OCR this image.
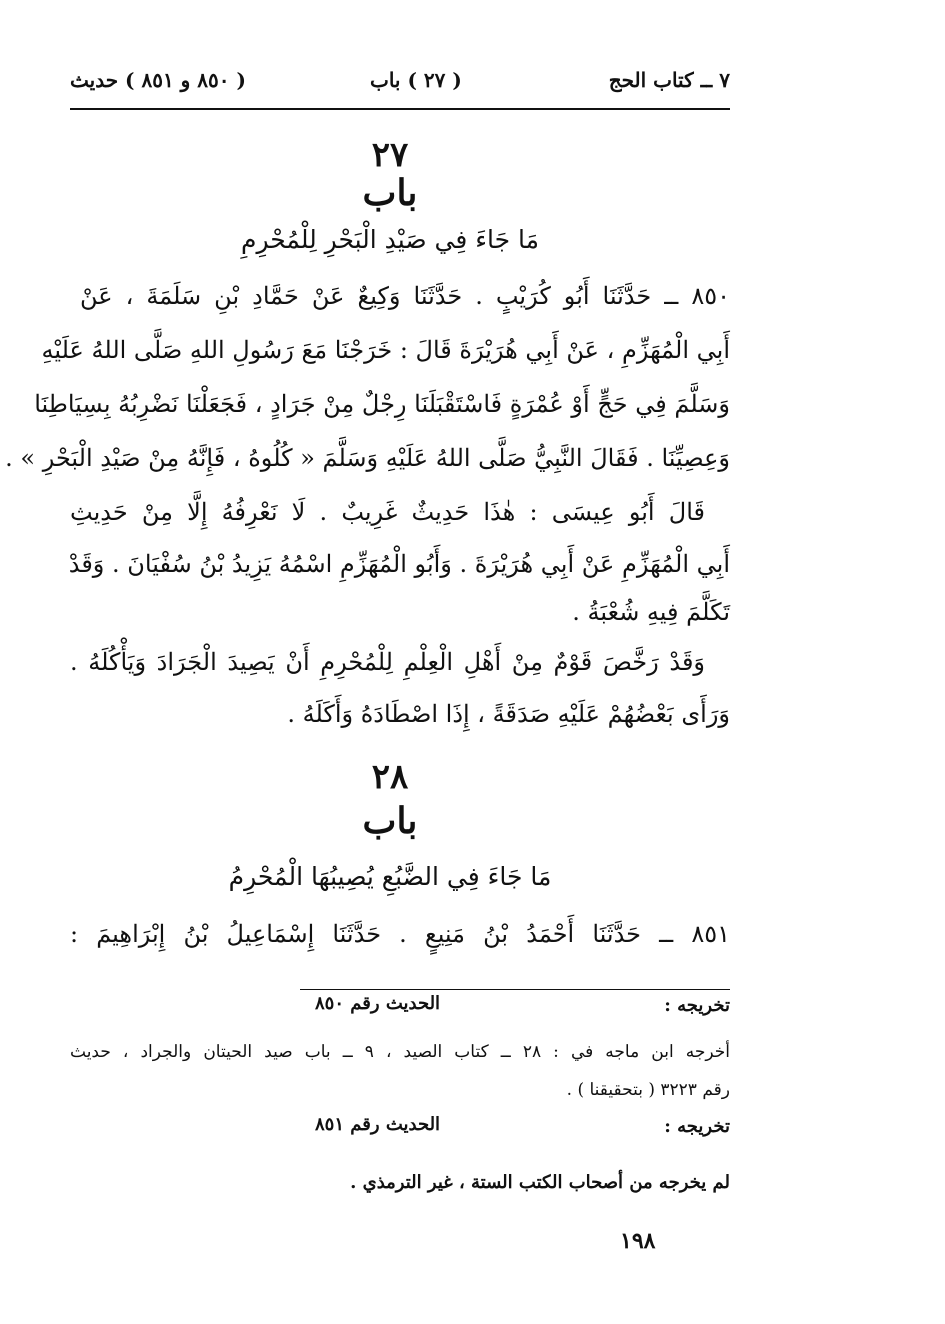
٧ ــ كتاب الحج
( ٢٧ ) باب
( ٨٥٠ و ٨٥١ ) حديث
٢٧
باب
مَا جَاءَ فِي صَيْدِ الْبَحْرِ لِلْمُحْرِمِ
٨٥٠ ــ حَدَّثَنَا أَبُو كُرَيْبٍ . حَدَّثَنَا وَكِيعٌ عَنْ حَمَّادِ بْنِ سَلَمَةَ ، عَنْ
أَبِي الْمُهَزِّمِ ، عَنْ أَبِي هُرَيْرَةَ قَالَ : خَرَجْنَا مَعَ رَسُولِ اللهِ صَلَّى اللهُ عَلَيْهِ
وَسَلَّمَ فِي حَجٍّ أَوْ عُمْرَةٍ فَاسْتَقْبَلَنَا رِجْلٌ مِنْ جَرَادٍ ، فَجَعَلْنَا نَضْرِبُهُ بِسِيَاطِنَا
وَعِصِيِّنَا . فَقَالَ النَّبِيُّ صَلَّى اللهُ عَلَيْهِ وَسَلَّمَ « كُلُوهُ ، فَإِنَّهُ مِنْ صَيْدِ الْبَحْرِ » .
قَالَ أَبُو عِيسَى : هٰذَا حَدِيثٌ غَرِيبٌ . لَا نَعْرِفُهُ إِلَّا مِنْ حَدِيثِ
أَبِي الْمُهَزِّمِ عَنْ أَبِي هُرَيْرَةَ . وَأَبُو الْمُهَزِّمِ اسْمُهُ يَزِيدُ بْنُ سُفْيَانَ . وَقَدْ
تَكَلَّمَ فِيهِ شُعْبَةُ .
وَقَدْ رَخَّصَ قَوْمٌ مِنْ أَهْلِ الْعِلْمِ لِلْمُحْرِمِ أَنْ يَصِيدَ الْجَرَادَ وَيَأْكُلَهُ .
وَرَأَى بَعْضُهُمْ عَلَيْهِ صَدَقَةً ، إِذَا اصْطَادَهُ وَأَكَلَهُ .
٢٨
باب
مَا جَاءَ فِي الضَّبُعِ يُصِيبُهَا الْمُحْرِمُ
٨٥١ ــ حَدَّثَنَا أَحْمَدُ بْنُ مَنِيعٍ . حَدَّثَنَا إِسْمَاعِيلُ بْنُ إِبْرَاهِيمَ :
تخريجه :
الحديث رقم ٨٥٠
أخرجه ابن ماجه في : ٢٨ ــ كتاب الصيد ، ٩ ــ باب صيد الحيتان والجراد ، حديث
رقم ٣٢٢٣ ( بتحقيقنا ) .
تخريجه :
الحديث رقم ٨٥١
لم يخرجه من أصحاب الكتب الستة ، غير الترمذي .
١٩٨
